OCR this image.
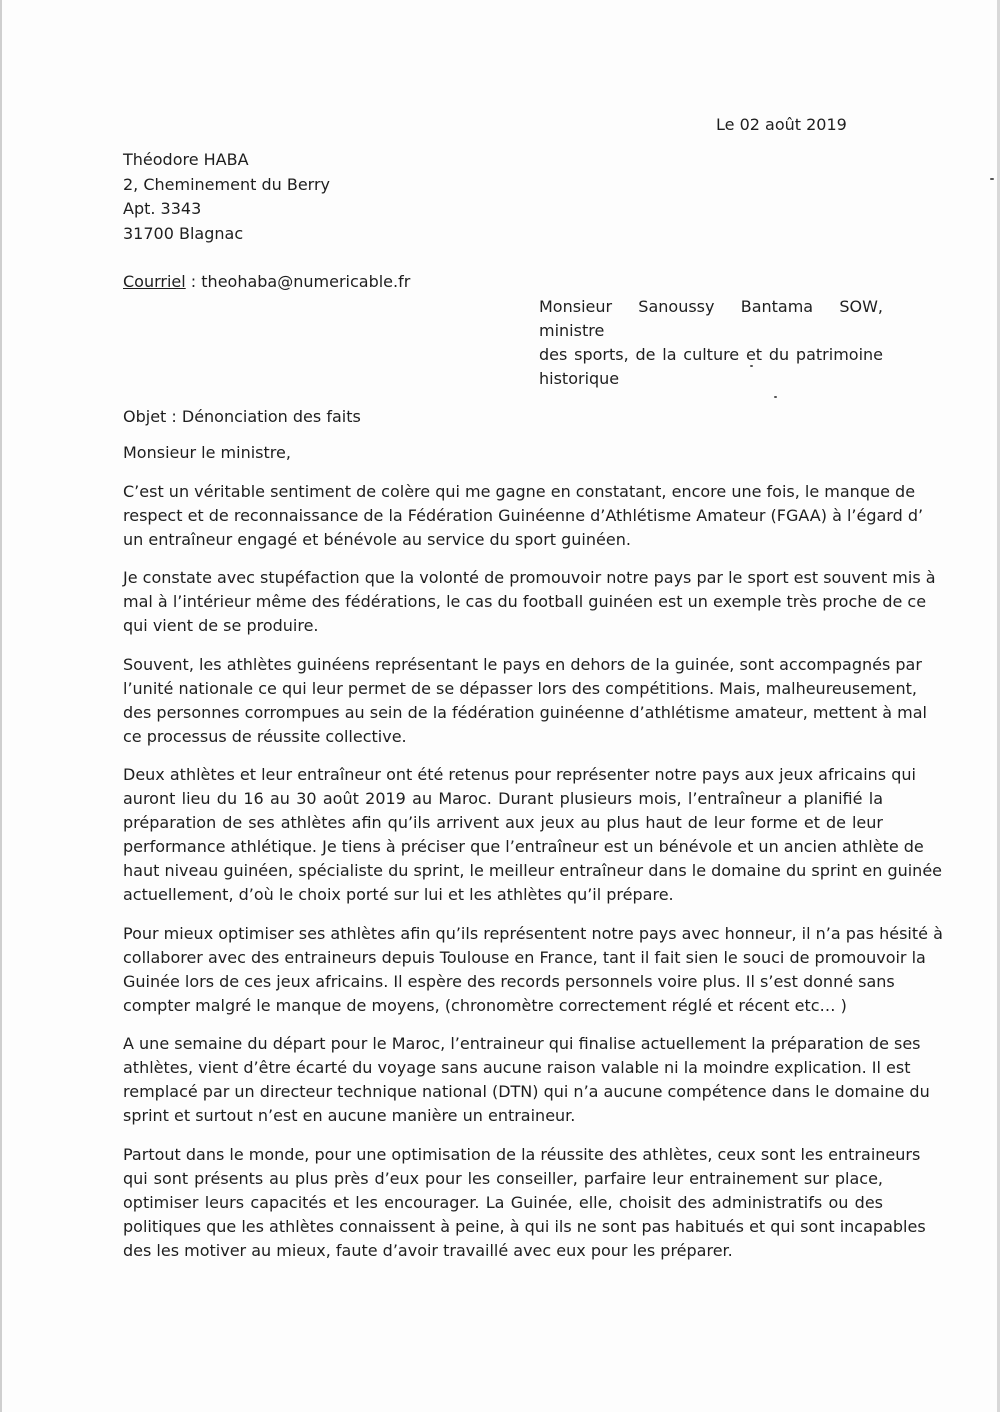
Le 02 août 2019
Théodore HABA
2, Cheminement du Berry
Apt. 3343
31700 Blagnac
Courriel : theohaba@numericable.fr
Monsieur Sanoussy Bantama SOW, ministre
des sports, de la culture et du patrimoine
historique
Objet : Dénonciation des faits
Monsieur le ministre,
C’est un véritable sentiment de colère qui me gagne en constatant, encore une fois, le manque de
respect et de reconnaissance de la Fédération Guinéenne d’Athlétisme Amateur (FGAA) à l’égard d’
un entraîneur engagé et bénévole au service du sport guinéen.
Je constate avec stupéfaction que la volonté de promouvoir notre pays par le sport est souvent mis à
mal à l’intérieur même des fédérations, le cas du football guinéen est un exemple très proche de ce
qui vient de se produire.
Souvent, les athlètes guinéens représentant le pays en dehors de la guinée, sont accompagnés par
l’unité nationale ce qui leur permet de se dépasser lors des compétitions. Mais, malheureusement,
des personnes corrompues au sein de la fédération guinéenne d’athlétisme amateur, mettent à mal
ce processus de réussite collective.
Deux athlètes et leur entraîneur ont été retenus pour représenter notre pays aux jeux africains qui
auront lieu du 16 au 30 août 2019 au Maroc. Durant plusieurs mois, l’entraîneur a planifié la
préparation de ses athlètes afin qu’ils arrivent aux jeux au plus haut de leur forme et de leur
performance athlétique. Je tiens à préciser que l’entraîneur est un bénévole et un ancien athlète de
haut niveau guinéen, spécialiste du sprint, le meilleur entraîneur dans le domaine du sprint en guinée
actuellement, d’où le choix porté sur lui et les athlètes qu’il prépare.
Pour mieux optimiser ses athlètes afin qu’ils représentent notre pays avec honneur, il n’a pas hésité à
collaborer avec des entraineurs depuis Toulouse en France, tant il fait sien le souci de promouvoir la
Guinée lors de ces jeux africains. Il espère des records personnels voire plus. Il s’est donné sans
compter malgré le manque de moyens, (chronomètre correctement réglé et récent etc… )
A une semaine du départ pour le Maroc, l’entraineur qui finalise actuellement la préparation de ses
athlètes, vient d’être écarté du voyage sans aucune raison valable ni la moindre explication. Il est
remplacé par un directeur technique national (DTN) qui n’a aucune compétence dans le domaine du
sprint et surtout n’est en aucune manière un entraineur.
Partout dans le monde, pour une optimisation de la réussite des athlètes, ceux sont les entraineurs
qui sont présents au plus près d’eux pour les conseiller, parfaire leur entrainement sur place,
optimiser leurs capacités et les encourager. La Guinée, elle, choisit des administratifs ou des
politiques que les athlètes connaissent à peine, à qui ils ne sont pas habitués et qui sont incapables
des les motiver au mieux, faute d’avoir travaillé avec eux pour les préparer.
